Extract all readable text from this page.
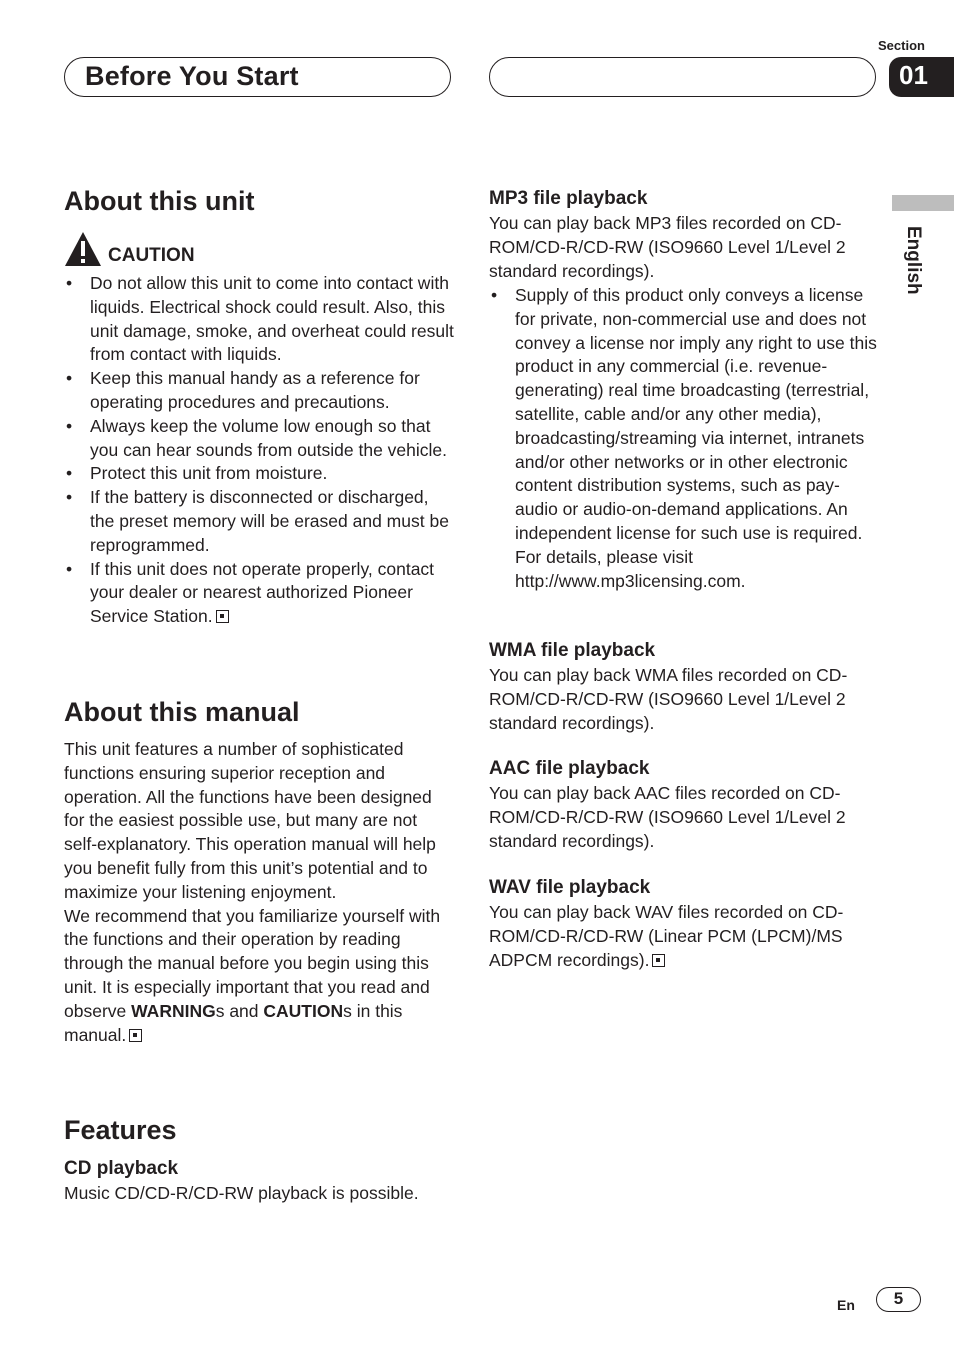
Before You Start
Section
01
English
About this unit
CAUTION
• Do not allow this unit to come into contact with liquids. Electrical shock could result. Also, this unit damage, smoke, and overheat could result from contact with liquids.
• Keep this manual handy as a reference for operating procedures and precautions.
• Always keep the volume low enough so that you can hear sounds from outside the vehicle.
• Protect this unit from moisture.
• If the battery is disconnected or discharged, the preset memory will be erased and must be reprogrammed.
• If this unit does not operate properly, contact your dealer or nearest authorized Pioneer Service Station.
About this manual
This unit features a number of sophisticated functions ensuring superior reception and operation. All the functions have been designed for the easiest possible use, but many are not self-explanatory. This operation manual will help you benefit fully from this unit’s potential and to maximize your listening enjoyment.
We recommend that you familiarize yourself with the functions and their operation by reading through the manual before you begin using this unit. It is especially important that you read and observe WARNINGs and CAUTIONs in this manual.
Features
CD playback
Music CD/CD-R/CD-RW playback is possible.
MP3 file playback
You can play back MP3 files recorded on CD-ROM/CD-R/CD-RW (ISO9660 Level 1/Level 2 standard recordings).
• Supply of this product only conveys a license for private, non-commercial use and does not convey a license nor imply any right to use this product in any commercial (i.e. revenue-generating) real time broadcasting (terrestrial, satellite, cable and/or any other media), broadcasting/streaming via internet, intranets and/or other networks or in other electronic content distribution systems, such as pay-audio or audio-on-demand applications. An independent license for such use is required. For details, please visit
http://www.mp3licensing.com.
WMA file playback
You can play back WMA files recorded on CD-ROM/CD-R/CD-RW (ISO9660 Level 1/Level 2 standard recordings).
AAC file playback
You can play back AAC files recorded on CD-ROM/CD-R/CD-RW (ISO9660 Level 1/Level 2 standard recordings).
WAV file playback
You can play back WAV files recorded on CD-ROM/CD-R/CD-RW (Linear PCM (LPCM)/MS ADPCM recordings).
En	5
